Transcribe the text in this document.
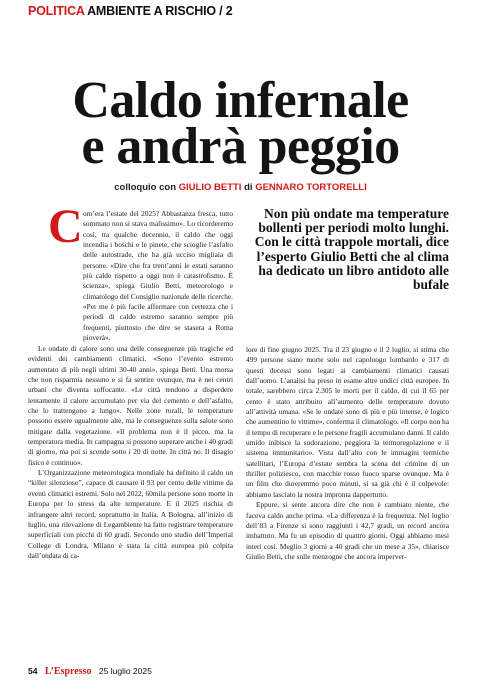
POLITICA AMBIENTE A RISCHIO / 2
Caldo infernale
e andrà peggio
colloquio con GIULIO BETTI di GENNARO TORTORELLI
C om’era l’estate del 2025? Abbastanza fresca, tutto sommato non si stava malissimo». Lo ricorderemo così, tra qualche decennio, il caldo che oggi incendia i boschi e le pinete, che scioglie l’asfalto delle autostrade, che ha già ucciso migliaia di persone. «Dire che fra trent’anni le estati saranno più calde rispetto a oggi non è catastrofismo. È scienza», spiega Giulio Betti, meteorologo e climatologo del Consiglio nazionale delle ricerche. «Per me è più facile affermare con certezza che i periodi di caldo estremo saranno sempre più frequenti, piuttosto che dire se stasera a Roma pioverà».

Non più ondate ma temperature bollenti per periodi molto lunghi. Con le città trappole mortali, dice l’esperto Giulio Betti che al clima ha dedicato un libro antidoto alle bufale

Le ondate di calore sono una delle conseguenze più tragiche ed evidenti dei cambiamenti climatici. «Sono l’evento estremo aumentato di più negli ultimi 30-40 anni», spiega Betti. Una morsa che non risparmia nessuno e si fa sentire ovunque, ma è nei centri urbani che diventa soffocante. «Le città tendono a disperdere lentamente il calore accumulato per via del cemento e dell’asfalto, che lo trattengono a lungo». Nelle zone rurali, le temperature possono essere ugualmente alte, ma le conseguenze sulla salute sono mitigate dalla vegetazione. «Il problema non è il picco, ma la temperatura media. In campagna si possono superare anche i 40 gradi di giorno, ma poi si scende sotto i 20 di notte. In città no. Il disagio fisico è continuo».

L’Organizzazione meteorologica mondiale ha definito il caldo un “killer silenzioso”, capace di causare il 93 per cento delle vittime da eventi climatici estremi. Solo nel 2022, 60mila persone sono morte in Europa per lo stress da alte temperature. E il 2025 rischia di infrangere altri record, soprattutto in Italia. A Bologna, all’inizio di luglio, una rilevazione di Legambiente ha fatto registrare temperature superficiali con picchi di 60 gradi. Secondo uno studio dell’Imperial College di Londra, Milano è stata la città europea più colpita dall’ondata di ca-

lore di fine giugno 2025. Tra il 23 giugno e il 2 luglio, si stima che 499 persone siano morte solo nel capoluogo lombardo e 317 di questi decessi sono legati ai cambiamenti climatici causati dall’uomo. L’analisi ha preso in esame altre undici città europee. In totale, sarebbero circa 2.305 le morti per il caldo, di cui il 65 per cento è stato attribuito all’aumento delle temperature dovuto all’attività umana. «Se le ondate sono di più e più intense, è logico che aumentino le vittime», conferma il climatologo. «Il corpo non ha il tempo di recuperare e le persone fragili accumulano danni. Il caldo umido inibisce la sudorazione, peggiora la termoregolazione e il sistema immunitario». Vista dall’alto con le immagini termiche satellitari, l’Europa d’estate sembra la scena del crimine di un thriller poliziesco, con macchie rosso fuoco sparse ovunque. Ma è un film che dureremmo poco minuti, si sa già chi è il colpevole: abbiamo lasciato la nostra impronta dappertutto.

Eppure, si sente ancora dire che non è cambiato niente, che faceva caldo anche prima. «La differenza è la frequenza. Nel luglio dell’83 a Firenze si sono raggiunti i 42,7 gradi, un record ancora imbattuto. Ma fu un episodio di quattro giorni. Oggi abbiamo mesi interi così. Meglio 3 giorni a 40 gradi che un mese a 35», chiarisce Giulio Betti, che sulle menzogne che ancora imperver-

54 L’Espresso 25 luglio 2025
